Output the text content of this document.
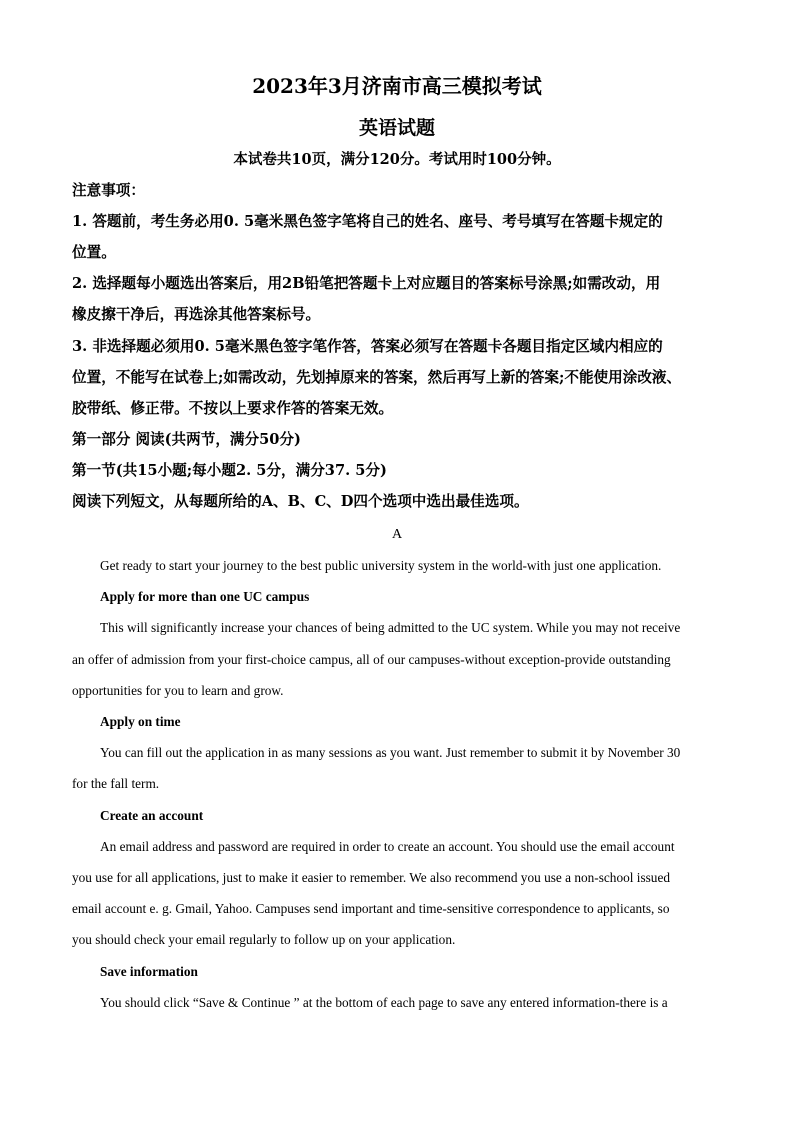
2023年3月济南市高三模拟考试
英语试题
本试卷共10页，满分120分。考试用时100分钟。
注意事项：
1. 答题前，考生务必用0. 5毫米黑色签字笔将自己的姓名、座号、考号填写在答题卡规定的
位置。
2. 选择题每小题选出答案后，用2B铅笔把答题卡上对应题目的答案标号涂黑;如需改动，用
橡皮擦干净后，再选涂其他答案标号。
3. 非选择题必须用0. 5毫米黑色签字笔作答，答案必须写在答题卡各题目指定区域内相应的
位置，不能写在试卷上;如需改动，先划掉原来的答案，然后再写上新的答案;不能使用涂改液、
胶带纸、修正带。不按以上要求作答的答案无效。
第一部分 阅读(共两节，满分50分)
第一节(共15小题;每小题2. 5分，满分37. 5分)
阅读下列短文，从每题所给的A、B、C、D四个选项中选出最佳选项。
A
Get ready to start your journey to the best public university system in the world-with just one application.
Apply for more than one UC campus
This will significantly increase your chances of being admitted to the UC system. While you may not receive
an offer of admission from your first-choice campus, all of our campuses-without exception-provide outstanding
opportunities for you to learn and grow.
Apply on time
You can fill out the application in as many sessions as you want. Just remember to submit it by November 30
for the fall term.
Create an account
An email address and password are required in order to create an account. You should use the email account
you use for all applications, just to make it easier to remember. We also recommend you use a non-school issued
email account e. g. Gmail, Yahoo. Campuses send important and time-sensitive correspondence to applicants, so
you should check your email regularly to follow up on your application.
Save information
You should click “Save & Continue ” at the bottom of each page to save any entered information-there is a
